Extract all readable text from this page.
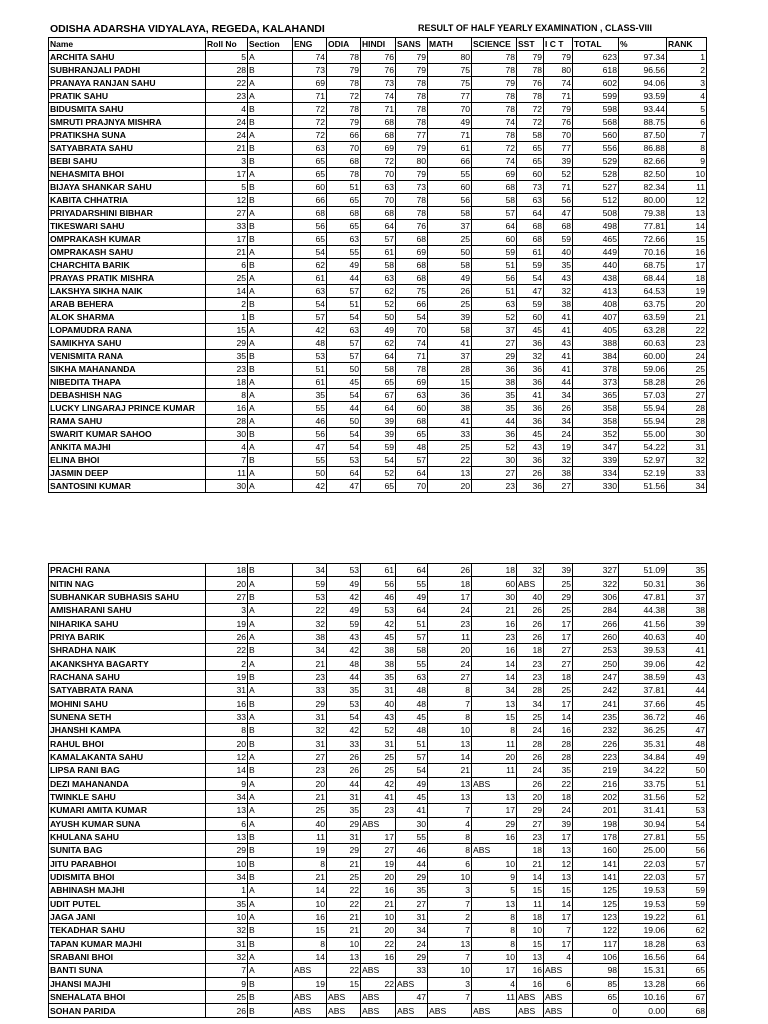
ODISHA ADARSHA VIDYALAYA, REGEDA, KALAHANDI	RESULT OF HALF YEARLY EXAMINATION , CLASS-VIII
Name	Roll No	Section	ENG	ODIA	HINDI	SANS	MATH	SCIENCE	SST	I C T	TOTAL	%	RANK
ARCHITA SAHU	5	A	74	78	76	79	80	78	79	79	623	97.34	1
SUBHRANJALI PADHI	28	B	73	79	76	79	75	78	78	80	618	96.56	2
PRANAYA RANJAN SAHU	22	A	69	78	73	78	75	79	76	74	602	94.06	3
PRATIK SAHU	23	A	71	72	74	78	77	78	78	71	599	93.59	4
BIDUSMITA SAHU	4	B	72	78	71	78	70	78	72	79	598	93.44	5
SMRUTI PRAJNYA MISHRA	24	B	72	79	68	78	49	74	72	76	568	88.75	6
PRATIKSHA SUNA	24	A	72	66	68	77	71	78	58	70	560	87.50	7
SATYABRATA SAHU	21	B	63	70	69	79	61	72	65	77	556	86.88	8
BEBI SAHU	3	B	65	68	72	80	66	74	65	39	529	82.66	9
NEHASMITA BHOI	17	A	65	78	70	79	55	69	60	52	528	82.50	10
BIJAYA SHANKAR SAHU	5	B	60	51	63	73	60	68	73	71	527	82.34	11
KABITA CHHATRIA	12	B	66	65	70	78	56	58	63	56	512	80.00	12
PRIYADARSHINI BIBHAR	27	A	68	68	68	78	58	57	64	47	508	79.38	13
TIKESWARI SAHU	33	B	56	65	64	76	37	64	68	68	498	77.81	14
OMPRAKASH KUMAR	17	B	65	63	57	68	25	60	68	59	465	72.66	15
OMPRAKASH SAHU	21	A	54	55	61	69	50	59	61	40	449	70.16	16
CHARCHITA BARIK	6	B	62	49	58	68	58	51	59	35	440	68.75	17
PRAYAS PRATIK MISHRA	25	A	61	44	63	68	49	56	54	43	438	68.44	18
LAKSHYA SIKHA NAIK	14	A	63	57	62	75	26	51	47	32	413	64.53	19
ARAB BEHERA	2	B	54	51	52	66	25	63	59	38	408	63.75	20
ALOK SHARMA	1	B	57	54	50	54	39	52	60	41	407	63.59	21
LOPAMUDRA RANA	15	A	42	63	49	70	58	37	45	41	405	63.28	22
SAMIKHYA SAHU	29	A	48	57	62	74	41	27	36	43	388	60.63	23
VENISMITA RANA	35	B	53	57	64	71	37	29	32	41	384	60.00	24
SIKHA MAHANANDA	23	B	51	50	58	78	28	36	36	41	378	59.06	25
NIBEDITA THAPA	18	A	61	45	65	69	15	38	36	44	373	58.28	26
DEBASHISH NAG	8	A	35	54	67	63	36	35	41	34	365	57.03	27
LUCKY LINGARAJ PRINCE KUMAR	16	A	55	44	64	60	38	35	36	26	358	55.94	28
RAMA SAHU	28	A	46	50	39	68	41	44	36	34	358	55.94	28
SWARIT KUMAR SAHOO	30	B	56	54	39	65	33	36	45	24	352	55.00	30
ANKITA MAJHI	4	A	47	54	59	48	25	52	43	19	347	54.22	31
ELINA BHOI	7	B	55	53	54	57	22	30	36	32	339	52.97	32
JASMIN DEEP	11	A	50	64	52	64	13	27	26	38	334	52.19	33
SANTOSINI KUMAR	30	A	42	47	65	70	20	23	36	27	330	51.56	34
PRACHI RANA	18	B	34	53	61	64	26	18	32	39	327	51.09	35
NITIN NAG	20	A	59	49	56	55	18	60	ABS	25	322	50.31	36
SUBHANKAR SUBHASIS SAHU	27	B	53	42	46	49	17	30	40	29	306	47.81	37
AMISHARANI SAHU	3	A	22	49	53	64	24	21	26	25	284	44.38	38
NIHARIKA SAHU	19	A	32	59	42	51	23	16	26	17	266	41.56	39
PRIYA BARIK	26	A	38	43	45	57	11	23	26	17	260	40.63	40
SHRADHA NAIK	22	B	34	42	38	58	20	16	18	27	253	39.53	41
AKANKSHYA BAGARTY	2	A	21	48	38	55	24	14	23	27	250	39.06	42
RACHANA SAHU	19	B	23	44	35	63	27	14	23	18	247	38.59	43
SATYABRATA RANA	31	A	33	35	31	48	8	34	28	25	242	37.81	44
MOHINI SAHU	16	B	29	53	40	48	7	13	34	17	241	37.66	45
SUNENA SETH	33	A	31	54	43	45	8	15	25	14	235	36.72	46
JHANSHI KAMPA	8	B	32	42	52	48	10	8	24	16	232	36.25	47
RAHUL BHOI	20	B	31	33	31	51	13	11	28	28	226	35.31	48
KAMALAKANTA SAHU	12	A	27	26	25	57	14	20	26	28	223	34.84	49
LIPSA RANI BAG	14	B	23	26	25	54	21	11	24	35	219	34.22	50
DEZI MAHANANDA	9	A	20	44	42	49	13	ABS	26	22	216	33.75	51
TWINKLE SAHU	34	A	21	31	41	45	13	13	20	18	202	31.56	52
KUMARI AMITA KUMAR	13	A	25	35	23	41	7	17	29	24	201	31.41	53
AYUSH KUMAR SUNA	6	A	40	29	ABS	30	4	29	27	39	198	30.94	54
KHULANA SAHU	13	B	11	31	17	55	8	16	23	17	178	27.81	55
SUNITA BAG	29	B	19	29	27	46	8	ABS	18	13	160	25.00	56
JITU PARABHOI	10	B	8	21	19	44	6	10	21	12	141	22.03	57
UDISMITA BHOI	34	B	21	25	20	29	10	9	14	13	141	22.03	57
ABHINASH MAJHI	1	A	14	22	16	35	3	5	15	15	125	19.53	59
UDIT PUTEL	35	A	10	22	21	27	7	13	11	14	125	19.53	59
JAGA JANI	10	A	16	21	10	31	2	8	18	17	123	19.22	61
TEKADHAR SAHU	32	B	15	21	20	34	7	8	10	7	122	19.06	62
TAPAN KUMAR MAJHI	31	B	8	10	22	24	13	8	15	17	117	18.28	63
SRABANI BHOI	32	A	14	13	16	29	7	10	13	4	106	16.56	64
BANTI SUNA	7	A	ABS	22	ABS	33	10	17	16	ABS	98	15.31	65
JHANSI MAJHI	9	B	19	15	22	ABS	3	4	16	6	85	13.28	66
SNEHALATA BHOI	25	B	ABS	ABS	ABS	47	7	11	ABS	ABS	65	10.16	67
SOHAN PARIDA	26	B	ABS	ABS	ABS	ABS	ABS	ABS	ABS	ABS	0	0.00	68
